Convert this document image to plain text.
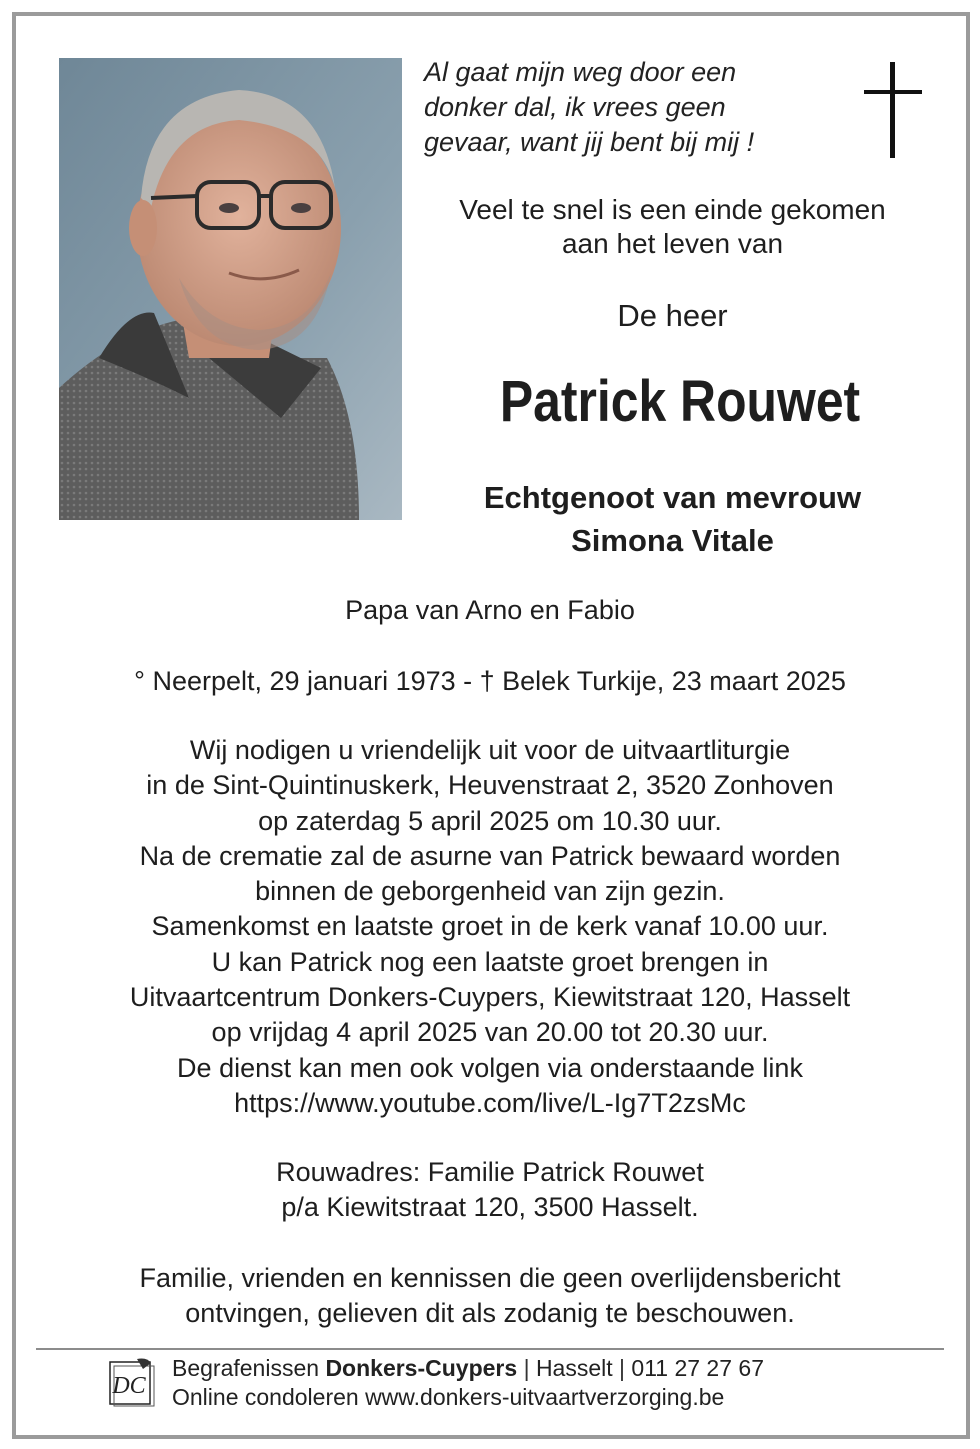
Al gaat mijn weg door een
donker dal, ik vrees geen
gevaar, want jij bent bij mij !
Veel te snel is een einde gekomen
aan het leven van
De heer
Patrick Rouwet
Echtgenoot van mevrouw
Simona Vitale
Papa van Arno en Fabio
° Neerpelt, 29 januari 1973 - † Belek Turkije, 23 maart 2025
Wij nodigen u vriendelijk uit voor de uitvaartliturgie
in de Sint-Quintinuskerk, Heuvenstraat 2, 3520 Zonhoven
op zaterdag 5 april 2025 om 10.30 uur.
Na de crematie zal de asurne van Patrick bewaard worden
binnen de geborgenheid van zijn gezin.
Samenkomst en laatste groet in de kerk vanaf 10.00 uur.
U kan Patrick nog een laatste groet brengen in
Uitvaartcentrum Donkers-Cuypers, Kiewitstraat 120, Hasselt
op vrijdag 4 april 2025 van 20.00 tot 20.30 uur.
De dienst kan men ook volgen via onderstaande link
https://www.youtube.com/live/L-Ig7T2zsMc
Rouwadres: Familie Patrick Rouwet
p/a Kiewitstraat 120, 3500 Hasselt.
Familie, vrienden en kennissen die geen overlijdensbericht
ontvingen, gelieven dit als zodanig te beschouwen.
DC
Begrafenissen Donkers-Cuypers | Hasselt | 011 27 27 67
Online condoleren www.donkers-uitvaartverzorging.be
